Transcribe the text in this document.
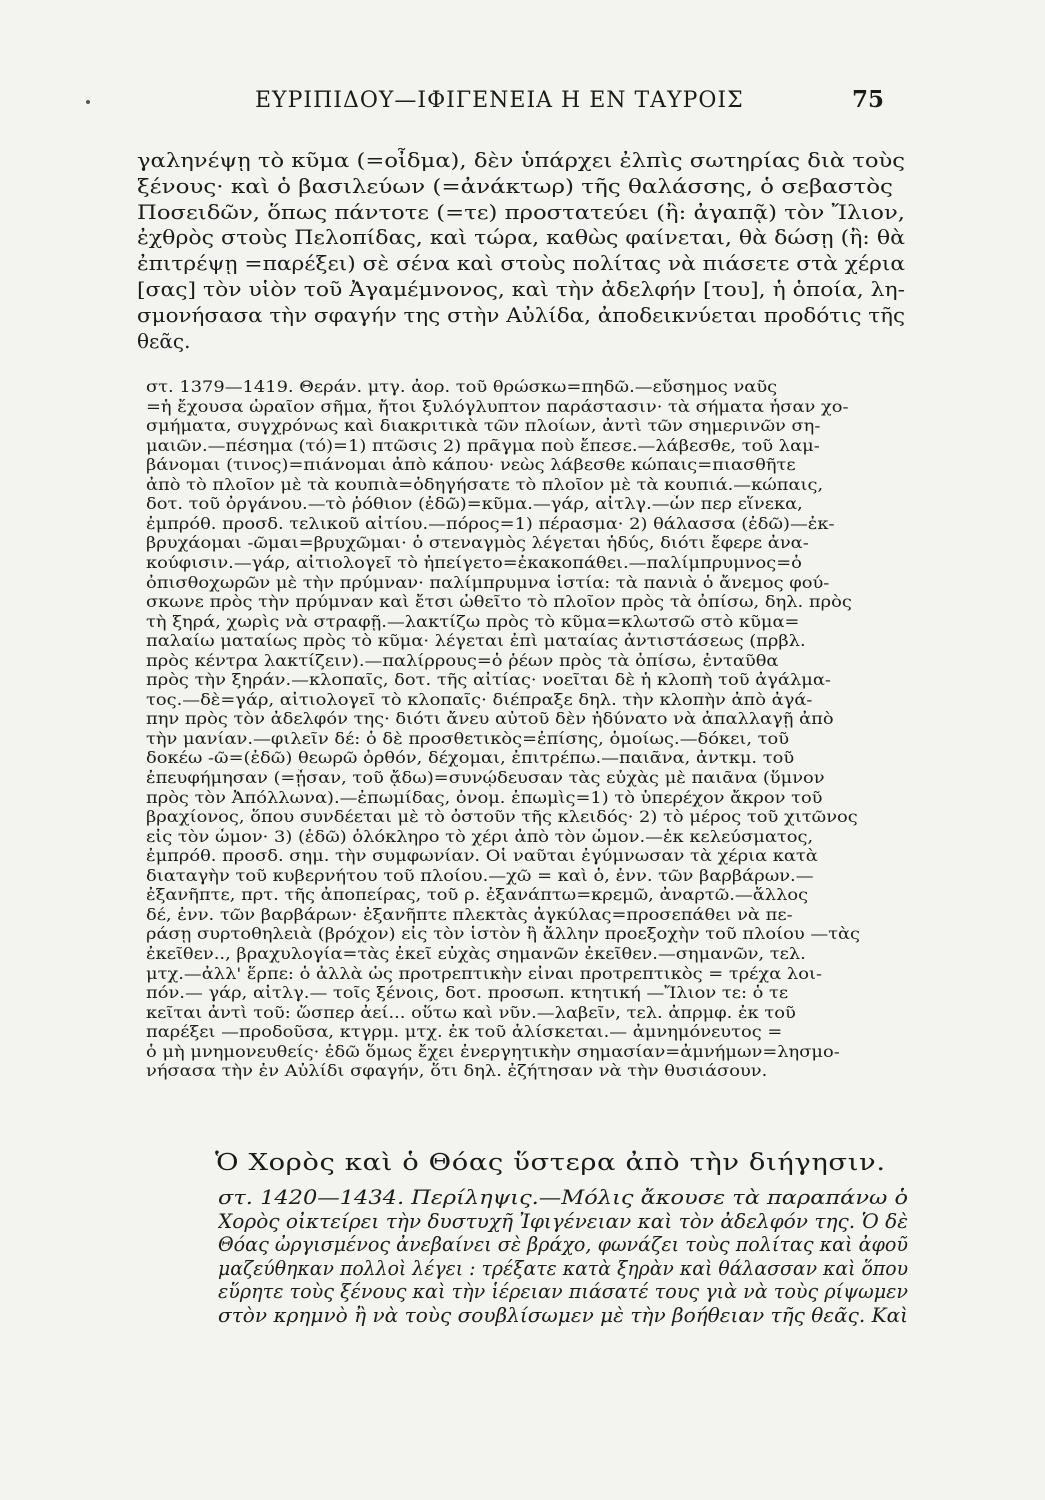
ΕΥΡΙΠΙΔΟΥ—ΙΦΙΓΕΝΕΙΑ Η ΕΝ ΤΑΥΡΟΙΣ	75
γαληνέψῃ τὸ κῦμα (=οἶδμα), δὲν ὑπάρχει ἐλπὶς σωτηρίας διὰ τοὺς
ξένους· καὶ ὁ βασιλεύων (=ἀνάκτωρ) τῆς θαλάσσης, ὁ σεβαστὸς
Ποσειδῶν, ὅπως πάντοτε (=τε) προστατεύει (ἢ: ἀγαπᾷ) τὸν Ἴλιον,
ἐχθρὸς στοὺς Πελοπίδας, καὶ τώρα, καθὼς φαίνεται, θὰ δώσῃ (ἢ: θὰ
ἐπιτρέψῃ =παρέξει) σὲ σένα καὶ στοὺς πολίτας νὰ πιάσετε στὰ χέρια
[σας] τὸν υἱὸν τοῦ Ἀγαμέμνονος, καὶ τὴν ἀδελφήν [του], ἡ ὁποία, λη-
σμονήσασα τὴν σφαγήν της στὴν Αὐλίδα, ἀποδεικνύεται προδότις τῆς
θεᾶς.
στ. 1379—1419. Θεράν. μτγ. ἀορ. τοῦ θρώσκω=πηδῶ.—εὔσημος ναῦς
=ἡ ἔχουσα ὡραῖον σῆμα, ἤτοι ξυλόγλυπτον παράστασιν· τὰ σήματα ἦσαν χο-
σμήματα, συγχρόνως καὶ διακριτικὰ τῶν πλοίων, ἀντὶ τῶν σημερινῶν ση-
μαιῶν.—πέσημα (τό)=1) πτῶσις 2) πρᾶγμα ποὺ ἔπεσε.—λάβεσθε, τοῦ λαμ-
βάνομαι (τινος)=πιάνομαι ἀπὸ κάπου· νεὼς λάβεσθε κώπαις=πιασθῆτε
ἀπὸ τὸ πλοῖον μὲ τὰ κουπιὰ=ὁδηγήσατε τὸ πλοῖον μὲ τὰ κουπιά.—κώπαις,
δοτ. τοῦ ὀργάνου.—τὸ ῥόθιον (ἐδῶ)=κῦμα.—γάρ, αἰτλγ.—ὧν περ εἵνεκα,
ἐμπρόθ. προσδ. τελικοῦ αἰτίου.—πόρος=1) πέρασμα· 2) θάλασσα (ἐδῶ)—ἐκ-
βρυχάομαι -ῶμαι=βρυχῶμαι· ὁ στεναγμὸς λέγεται ἡδύς, διότι ἔφερε ἀνα-
κούφισιν.—γάρ, αἰτιολογεῖ τὸ ἠπείγετο=ἐκακοπάθει.—παλίμπρυμνος=ὁ
ὀπισθοχωρῶν μὲ τὴν πρύμναν· παλίμπρυμνα ἱστία: τὰ πανιὰ ὁ ἄνεμος φού-
σκωνε πρὸς τὴν πρύμναν καὶ ἔτσι ὠθεῖτο τὸ πλοῖον πρὸς τὰ ὀπίσω, δηλ. πρὸς
τὴ ξηρά, χωρὶς νὰ στραφῇ.—λακτίζω πρὸς τὸ κῦμα=κλωτσῶ στὸ κῦμα=
παλαίω ματαίως πρὸς τὸ κῦμα· λέγεται ἐπὶ ματαίας ἀντιστάσεως (πρβλ.
πρὸς κέντρα λακτίζειν).—παλίρρους=ὁ ῥέων πρὸς τὰ ὀπίσω, ἐνταῦθα
πρὸς τὴν ξηράν.—κλοπαῖς, δοτ. τῆς αἰτίας· νοεῖται δὲ ἡ κλοπὴ τοῦ ἀγάλμα-
τος.—δὲ=γάρ, αἰτιολογεῖ τὸ κλοπαῖς· διέπραξε δηλ. τὴν κλοπὴν ἀπὸ ἀγά-
πην πρὸς τὸν ἀδελφόν της· διότι ἄνευ αὐτοῦ δὲν ἠδύνατο νὰ ἀπαλλαγῇ ἀπὸ
τὴν μανίαν.—φιλεῖν δέ: ὁ δὲ προσθετικὸς=ἐπίσης, ὁμοίως.—δόκει, τοῦ
δοκέω -ῶ=(ἐδῶ) θεωρῶ ὀρθόν, δέχομαι, ἐπιτρέπω.—παιᾶνα, ἀντκμ. τοῦ
ἐπευφήμησαν (=ᾖσαν, τοῦ ᾄδω)=συνῴδευσαν τὰς εὐχὰς μὲ παιᾶνα (ὕμνον
πρὸς τὸν Ἀπόλλωνα).—ἐπωμίδας, ὀνομ. ἐπωμὶς=1) τὸ ὑπερέχον ἄκρον τοῦ
βραχίονος, ὅπου συνδέεται μὲ τὸ ὀστοῦν τῆς κλειδός· 2) τὸ μέρος τοῦ χιτῶνος
εἰς τὸν ὦμον· 3) (ἐδῶ) ὁλόκληρο τὸ χέρι ἀπὸ τὸν ὦμον.—ἐκ κελεύσματος,
ἐμπρόθ. προσδ. σημ. τὴν συμφωνίαν. Οἱ ναῦται ἐγύμνωσαν τὰ χέρια κατὰ
διαταγὴν τοῦ κυβερνήτου τοῦ πλοίου.—χῶ = καὶ ὁ, ἐνν. τῶν βαρβάρων.—
ἐξανῆπτε, πρτ. τῆς ἀποπείρας, τοῦ ρ. ἐξανάπτω=κρεμῶ, ἀναρτῶ.—ἄλλος
δέ, ἐνν. τῶν βαρβάρων· ἐξανῆπτε πλεκτὰς ἀγκύλας=προσεπάθει νὰ πε-
ράσῃ συρτοθηλειὰ (βρόχον) εἰς τὸν ἱστὸν ἢ ἄλλην προεξοχὴν τοῦ πλοίου —τὰς
ἐκεῖθεν.., βραχυλογία=τὰς ἐκεῖ εὐχὰς σημανῶν ἐκεῖθεν.—σημανῶν, τελ.
μτχ.—ἀλλ' ἕρπε: ὁ ἀλλὰ ὡς προτρεπτικὴν εἶναι προτρεπτικὸς = τρέχα λοι-
πόν.— γάρ, αἰτλγ.— τοῖς ξένοις, δοτ. προσωπ. κτητική —Ἴλιον τε: ὁ τε
κεῖται ἀντὶ τοῦ: ὥσπερ ἀεί... οὕτω καὶ νῦν.—λαβεῖν, τελ. ἀπρμφ. ἐκ τοῦ
παρέξει —προδοῦσα, κτγρμ. μτχ. ἐκ τοῦ ἁλίσκεται.— ἀμνημόνευτος =
ὁ μὴ μνημονευθείς· ἐδῶ ὅμως ἔχει ἐνεργητικὴν σημασίαν=ἀμνήμων=λησμο-
νήσασα τὴν ἐν Αὐλίδι σφαγήν, ὅτι δηλ. ἐζήτησαν νὰ τὴν θυσιάσουν.
Ὁ Χορὸς καὶ ὁ Θόας ὕστερα ἀπὸ τὴν διήγησιν.
στ. 1420—1434. Περίληψις.—Μόλις ἄκουσε τὰ παραπάνω ὁ
Χορὸς οἰκτείρει τὴν δυστυχῆ Ἰφιγένειαν καὶ τὸν ἀδελφόν της. Ὁ δὲ
Θόας ὠργισμένος ἀνεβαίνει σὲ βράχο, φωνάζει τοὺς πολίτας καὶ ἀφοῦ
μαζεύθηκαν πολλοὶ λέγει : τρέξατε κατὰ ξηρὰν καὶ θάλασσαν καὶ ὅπου
εὕρητε τοὺς ξένους καὶ τὴν ἱέρειαν πιάσατέ τους γιὰ νὰ τοὺς ρίψωμεν
στὸν κρημνὸ ἢ νὰ τοὺς σουβλίσωμεν μὲ τὴν βοήθειαν τῆς θεᾶς. Καὶ
